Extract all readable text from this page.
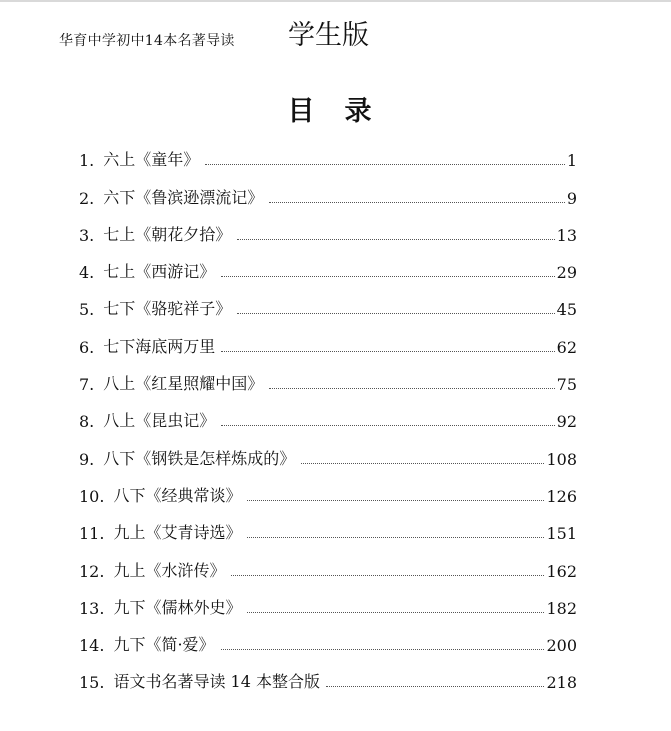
华育中学初中14本名著导读 学生版
目录
1. 六上《童年》	1
2. 六下《鲁滨逊漂流记》	9
3. 七上《朝花夕拾》	13
4. 七上《西游记》	29
5. 七下《骆驼祥子》	45
6. 七下海底两万里	62
7. 八上《红星照耀中国》	75
8. 八上《昆虫记》	92
9. 八下《钢铁是怎样炼成的》	108
10. 八下《经典常谈》	126
11. 九上《艾青诗选》	151
12. 九上《水浒传》	162
13. 九下《儒林外史》	182
14. 九下《简·爱》	200
15. 语文书名著导读 14 本整合版	218
